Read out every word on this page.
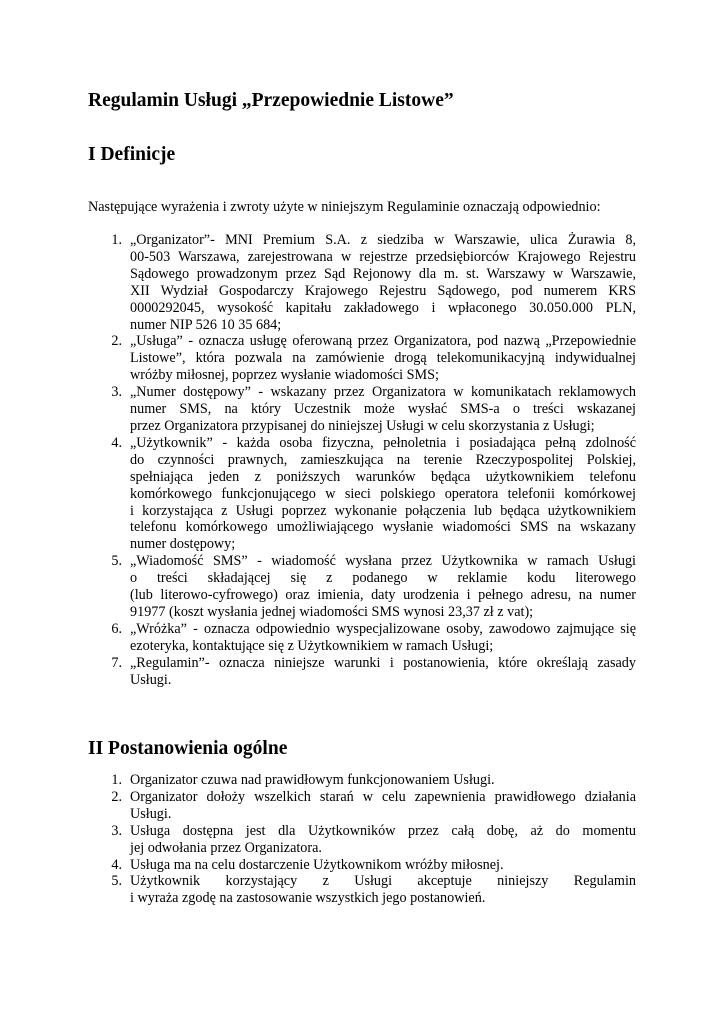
Regulamin Usługi „Przepowiednie Listowe”
I Definicje

Następujące wyrażenia i zwroty użyte w niniejszym Regulaminie oznaczają odpowiednio:

1. „Organizator”- MNI Premium S.A. z siedziba w Warszawie, ulica Żurawia 8,
00-503 Warszawa, zarejestrowana w rejestrze przedsiębiorców Krajowego Rejestru
Sądowego prowadzonym przez Sąd Rejonowy dla m. st. Warszawy w Warszawie,
XII Wydział Gospodarczy Krajowego Rejestru Sądowego, pod numerem KRS
0000292045, wysokość kapitału zakładowego i wpłaconego 30.050.000 PLN,
numer NIP 526 10 35 684;
2. „Usługa” - oznacza usługę oferowaną przez Organizatora, pod nazwą „Przepowiednie
Listowe”, która pozwala na zamówienie drogą telekomunikacyjną indywidualnej
wróżby miłosnej, poprzez wysłanie wiadomości SMS;
3. „Numer dostępowy” - wskazany przez Organizatora w komunikatach reklamowych
numer SMS, na który Uczestnik może wysłać SMS-a o treści wskazanej
przez Organizatora przypisanej do niniejszej Usługi w celu skorzystania z Usługi;
4. „Użytkownik” - każda osoba fizyczna, pełnoletnia i posiadająca pełną zdolność
do czynności prawnych, zamieszkująca na terenie Rzeczypospolitej Polskiej,
spełniająca jeden z poniższych warunków będąca użytkownikiem telefonu
komórkowego funkcjonującego w sieci polskiego operatora telefonii komórkowej
i korzystająca z Usługi poprzez wykonanie połączenia lub będąca użytkownikiem
telefonu komórkowego umożliwiającego wysłanie wiadomości SMS na wskazany
numer dostępowy;
5. „Wiadomość SMS” - wiadomość wysłana przez Użytkownika w ramach Usługi
o treści składającej się z podanego w reklamie kodu literowego
(lub literowo-cyfrowego) oraz imienia, daty urodzenia i pełnego adresu, na numer
91977 (koszt wysłania jednej wiadomości SMS wynosi 23,37 zł z vat);
6. „Wróżka” - oznacza odpowiednio wyspecjalizowane osoby, zawodowo zajmujące się
ezoteryka, kontaktujące się z Użytkownikiem w ramach Usługi;
7. „Regulamin”- oznacza niniejsze warunki i postanowienia, które określają zasady
Usługi.
II Postanowienia ogólne
1. Organizator czuwa nad prawidłowym funkcjonowaniem Usługi.
2. Organizator dołoży wszelkich starań w celu zapewnienia prawidłowego działania
Usługi.
3. Usługa dostępna jest dla Użytkowników przez całą dobę, aż do momentu
jej odwołania przez Organizatora.
4. Usługa ma na celu dostarczenie Użytkownikom wróżby miłosnej.
5. Użytkownik korzystający z Usługi akceptuje niniejszy Regulamin
i wyraża zgodę na zastosowanie wszystkich jego postanowień.
